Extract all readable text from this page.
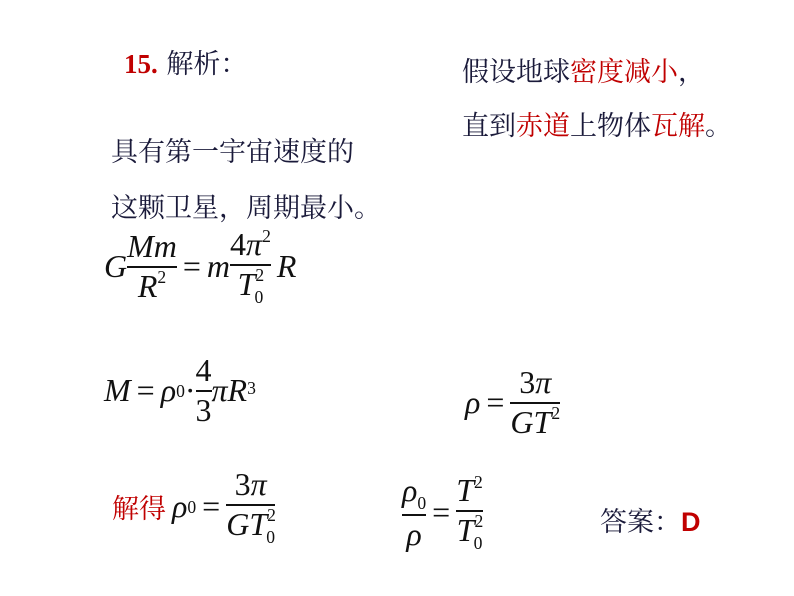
15. 解析：	假设地球密度减小，
直到赤道上物体瓦解。
具有第一宇宙速度的
这颗卫星，周期最小。
G $\frac{Mm}{R^2} = m \frac{4\pi^2}{T^2_0}$ R
M = ρ $0 \cdot \frac{4}{3}$ π R 3	$\rho = \frac{3\pi}{GT^2}$
解得 ρ $0 = \frac{3\pi}{GT^2_0}$	$\frac{\rho_0}{\rho} = \frac{T^2}{T^2_0}$	答案：D
